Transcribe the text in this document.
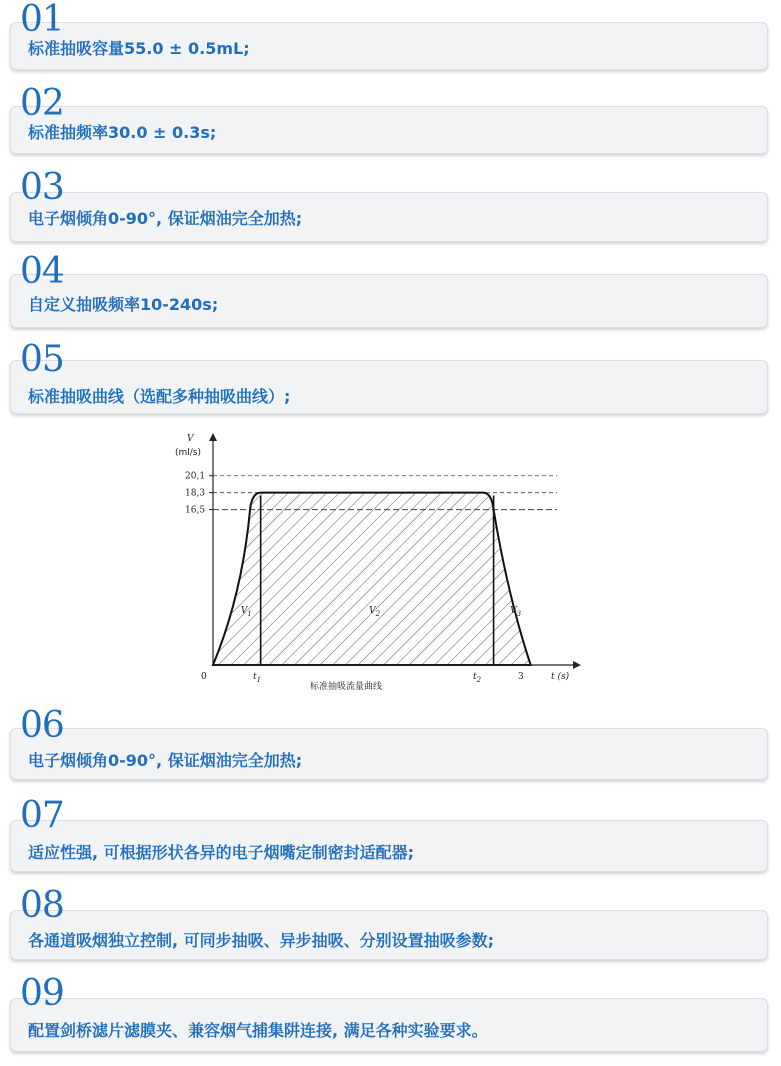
01
标准抽吸容量55.0 ± 0.5mL;
02
标准抽频率30.0 ± 0.3s;
03
电子烟倾角0-90°, 保证烟油完全加热;
04
自定义抽吸频率10-240s;
05
标准抽吸曲线（选配多种抽吸曲线）;
20,1
18,3
16,5
$V_1$	$V_2$	$V_3$
V
(ml/s)
标准抽吸流量曲线
0	$t_1$	$t_2$	3	t (s)
06
电子烟倾角0-90°, 保证烟油完全加热;
07
适应性强, 可根据形状各异的电子烟嘴定制密封适配器;
08
各通道吸烟独立控制, 可同步抽吸、异步抽吸、分别设置抽吸参数;
09
配置剑桥滤片滤膜夹、兼容烟气捕集阱连接, 满足各种实验要求。
